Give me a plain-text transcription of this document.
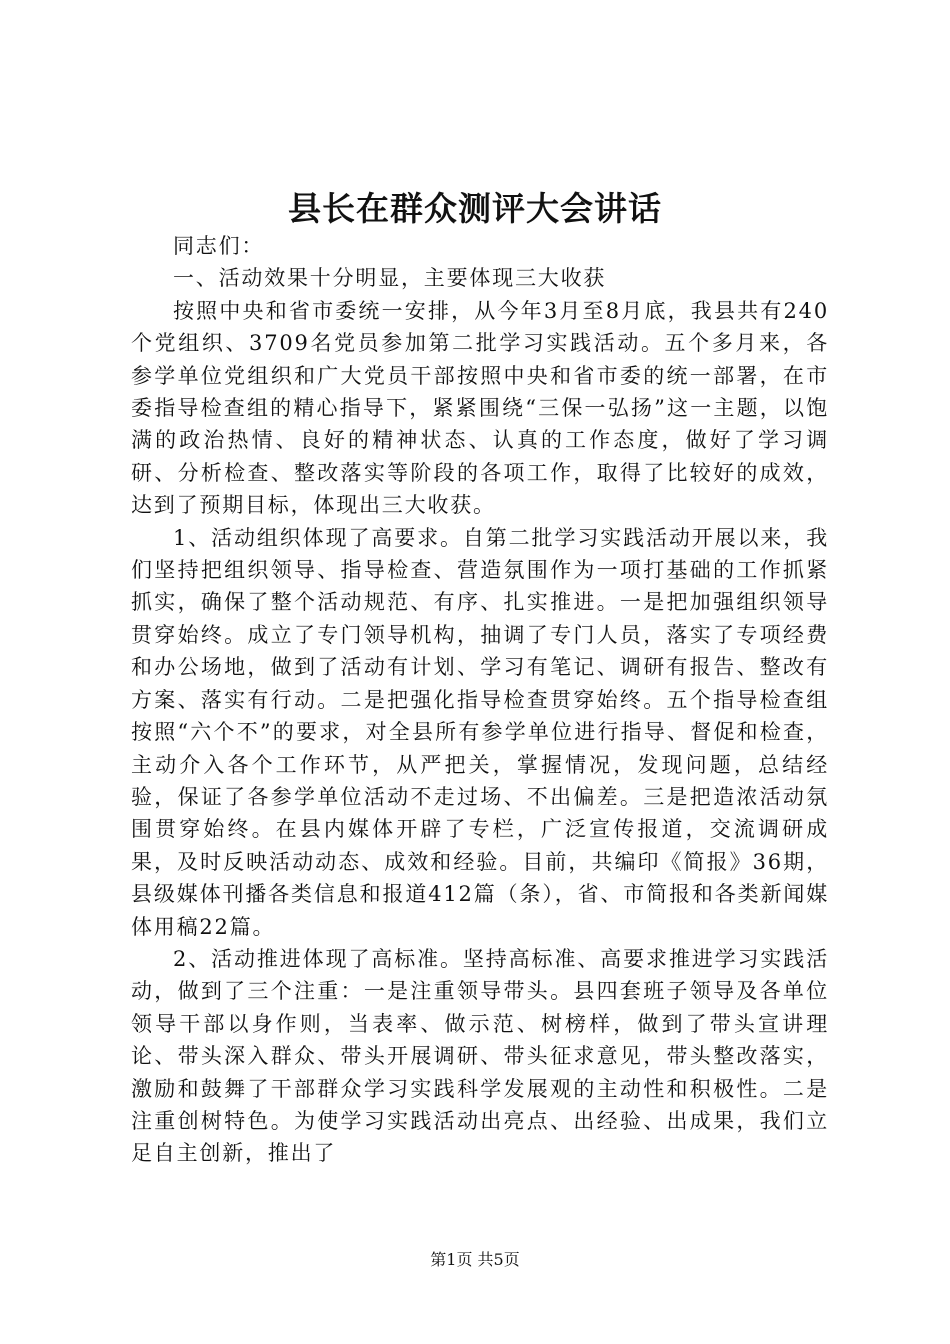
县长在群众测评大会讲话

同志们：

一、活动效果十分明显，主要体现三大收获

按照中央和省市委统一安排，从今年3月至8月底，我县共有240个党组织、3709名党员参加第二批学习实践活动。五个多月来，各参学单位党组织和广大党员干部按照中央和省市委的统一部署，在市委指导检查组的精心指导下，紧紧围绕“三保一弘扬”这一主题，以饱满的政治热情、良好的精神状态、认真的工作态度，做好了学习调研、分析检查、整改落实等阶段的各项工作，取得了比较好的成效，达到了预期目标，体现出三大收获。

1、活动组织体现了高要求。自第二批学习实践活动开展以来，我们坚持把组织领导、指导检查、营造氛围作为一项打基础的工作抓紧抓实，确保了整个活动规范、有序、扎实推进。一是把加强组织领导贯穿始终。成立了专门领导机构，抽调了专门人员，落实了专项经费和办公场地，做到了活动有计划、学习有笔记、调研有报告、整改有方案、落实有行动。二是把强化指导检查贯穿始终。五个指导检查组按照“六个不”的要求，对全县所有参学单位进行指导、督促和检查，主动介入各个工作环节，从严把关，掌握情况，发现问题，总结经验，保证了各参学单位活动不走过场、不出偏差。三是把造浓活动氛围贯穿始终。在县内媒体开辟了专栏，广泛宣传报道，交流调研成果，及时反映活动动态、成效和经验。目前，共编印《简报》36期，县级媒体刊播各类信息和报道412篇（条），省、市简报和各类新闻媒体用稿22篇。

2、活动推进体现了高标准。坚持高标准、高要求推进学习实践活动，做到了三个注重：一是注重领导带头。县四套班子领导及各单位领导干部以身作则，当表率、做示范、树榜样，做到了带头宣讲理论、带头深入群众、带头开展调研、带头征求意见，带头整改落实，激励和鼓舞了干部群众学习实践科学发展观的主动性和积极性。二是注重创树特色。为使学习实践活动出亮点、出经验、出成果，我们立足自主创新，推出了

第1页 共5页
